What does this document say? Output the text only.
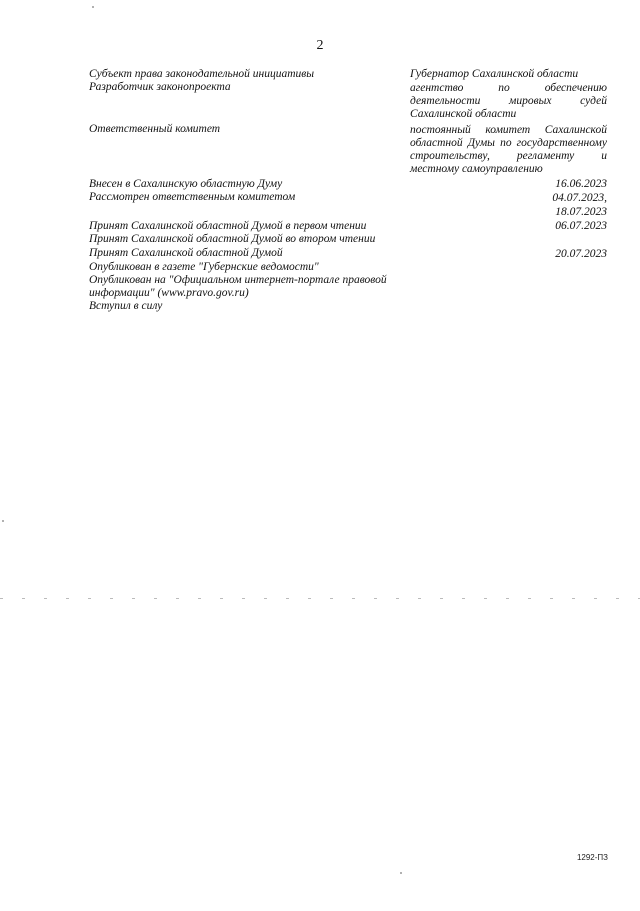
2
Субъект права законодательной инициативы	Губернатор Сахалинской области
Разработчик законопроекта	агентство по обеспечению деятельности мировых судей Сахалинской области
Ответственный комитет	постоянный комитет Сахалинской областной Думы по государственному строительству, регламенту и местному самоуправлению
Внесен в Сахалинскую областную Думу	16.06.2023
Рассмотрен ответственным комитетом	04.07.2023,
18.07.2023
Принят Сахалинской областной Думой в первом чтении	06.07.2023
Принят Сахалинской областной Думой во втором чтении
Принят Сахалинской областной Думой	20.07.2023
Опубликован в газете "Губернские ведомости"
Опубликован на "Официальном интернет-портале правовой информации" (www.pravo.gov.ru)
Вступил в силу
1292-ПЗ
